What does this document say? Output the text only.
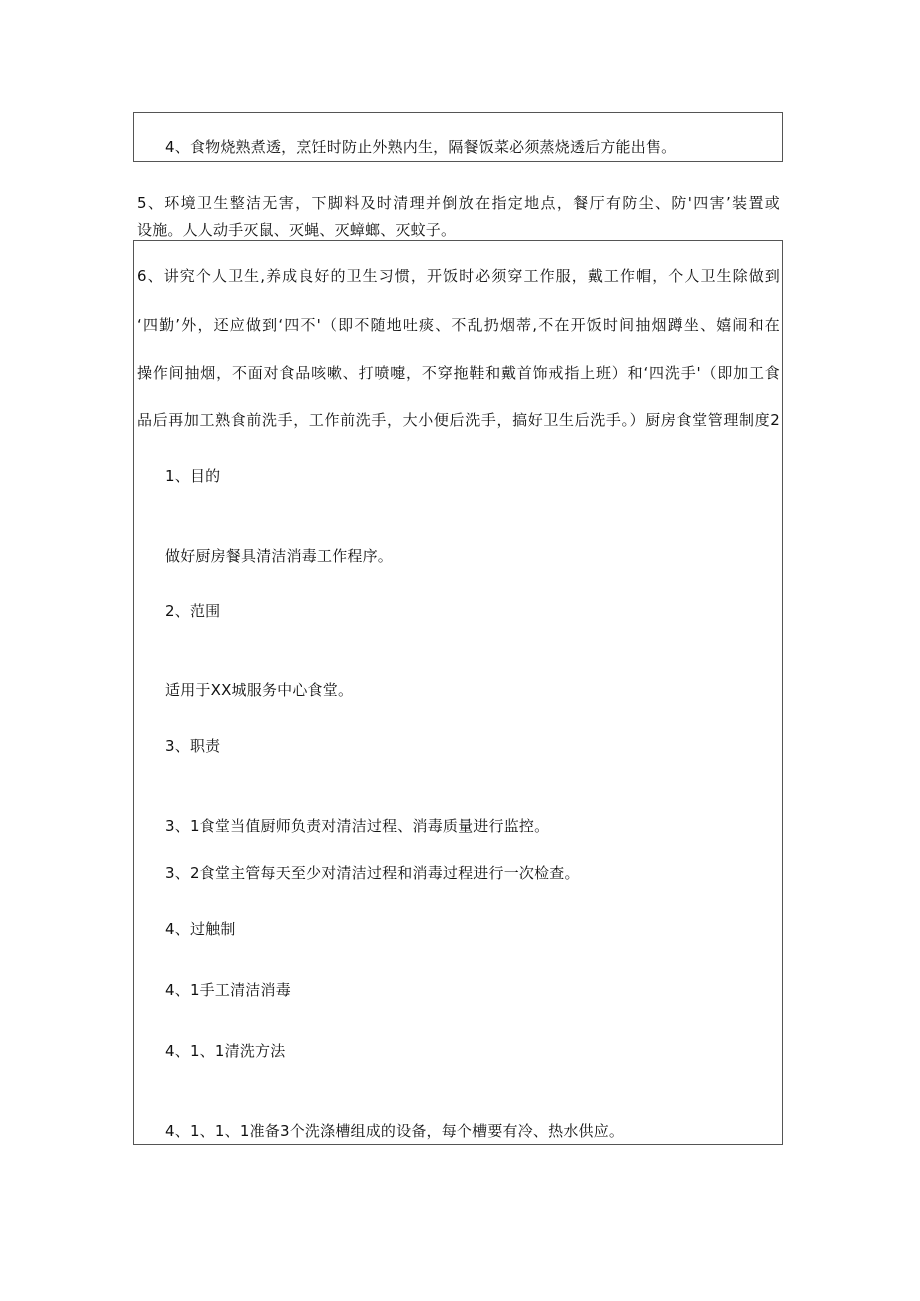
4、食物烧熟煮透，烹饪时防止外熟内生，隔餐饭菜必须蒸烧透后方能出售。
5、环境卫生整洁无害，下脚料及时清理并倒放在指定地点，餐厅有防尘、防'四害’装置或
设施。人人动手灭鼠、灭蝇、灭蟑螂、灭蚊子。
6、讲究个人卫生,养成良好的卫生习惯，开饭时必须穿工作服，戴工作帽，个人卫生除做到
‘四勤’外，还应做到‘四不'（即不随地吐痰、不乱扔烟蒂,不在开饭时间抽烟蹲坐、嬉闹和在
操作间抽烟，不面对食品咳嗽、打喷嚏，不穿拖鞋和戴首饰戒指上班）和‘四洗手'（即加工食
品后再加工熟食前洗手，工作前洗手，大小便后洗手，搞好卫生后洗手。）厨房食堂管理制度2
1、目的
做好厨房餐具清洁消毒工作程序。
2、范围
适用于XX城服务中心食堂。
3、职责
3、1食堂当值厨师负责对清洁过程、消毒质量进行监控。
3、2食堂主管每天至少对清洁过程和消毒过程进行一次检查。
4、过触制
4、1手工清洁消毒
4、1、1清洗方法
4、1、1、1准备3个洗涤槽组成的设备，每个槽要有冷、热水供应。
